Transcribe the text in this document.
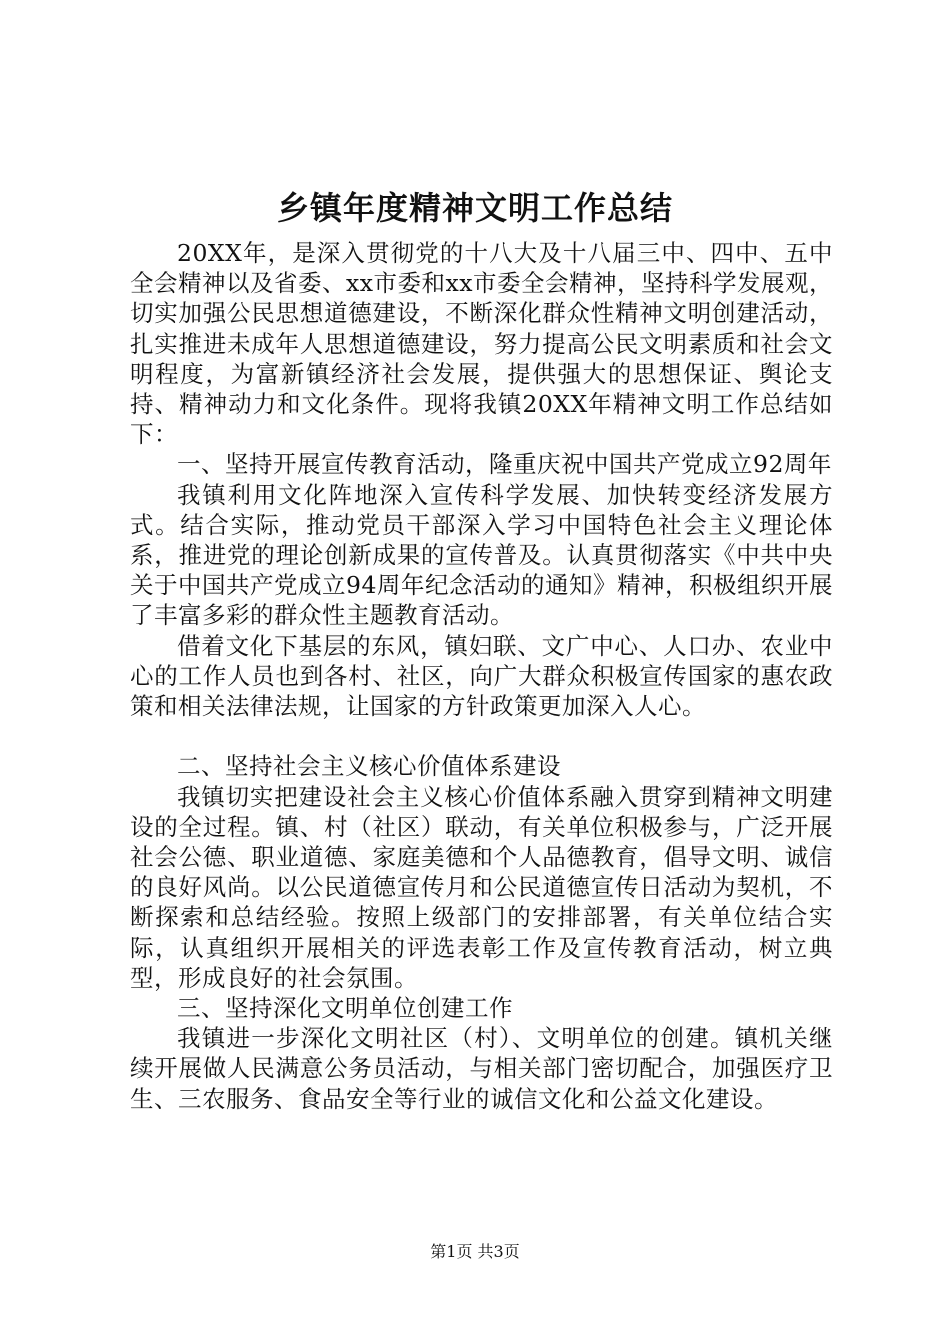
乡镇年度精神文明工作总结

20XX年，是深入贯彻党的十八大及十八届三中、四中、五中全会精神以及省委、xx市委和xx市委全会精神，坚持科学发展观，切实加强公民思想道德建设，不断深化群众性精神文明创建活动，扎实推进未成年人思想道德建设，努力提高公民文明素质和社会文明程度，为富新镇经济社会发展，提供强大的思想保证、舆论支持、精神动力和文化条件。现将我镇20XX年精神文明工作总结如下：

一、坚持开展宣传教育活动，隆重庆祝中国共产党成立92周年

我镇利用文化阵地深入宣传科学发展、加快转变经济发展方式。结合实际，推动党员干部深入学习中国特色社会主义理论体系，推进党的理论创新成果的宣传普及。认真贯彻落实《中共中央关于中国共产党成立94周年纪念活动的通知》精神，积极组织开展了丰富多彩的群众性主题教育活动。

借着文化下基层的东风，镇妇联、文广中心、人口办、农业中心的工作人员也到各村、社区，向广大群众积极宣传国家的惠农政策和相关法律法规，让国家的方针政策更加深入人心。

二、坚持社会主义核心价值体系建设

我镇切实把建设社会主义核心价值体系融入贯穿到精神文明建设的全过程。镇、村（社区）联动，有关单位积极参与，广泛开展社会公德、职业道德、家庭美德和个人品德教育，倡导文明、诚信的良好风尚。以公民道德宣传月和公民道德宣传日活动为契机，不断探索和总结经验。按照上级部门的安排部署，有关单位结合实际，认真组织开展相关的评选表彰工作及宣传教育活动，树立典型，形成良好的社会氛围。

三、坚持深化文明单位创建工作

我镇进一步深化文明社区（村）、文明单位的创建。镇机关继续开展做人民满意公务员活动，与相关部门密切配合，加强医疗卫生、三农服务、食品安全等行业的诚信文化和公益文化建设。

第1页 共3页
